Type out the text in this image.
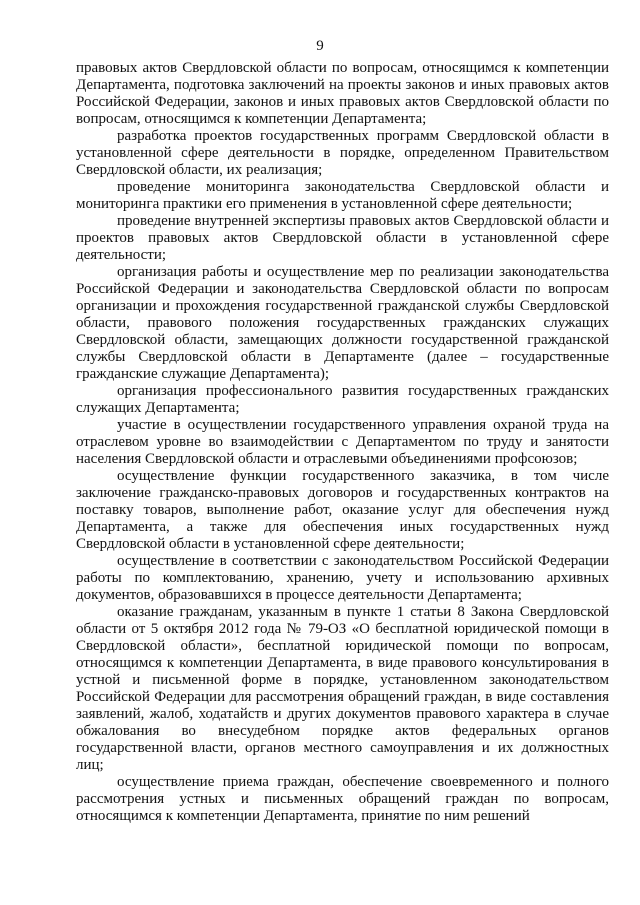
9

правовых актов Свердловской области по вопросам, относящимся к компетенции Департамента, подготовка заключений на проекты законов и иных правовых актов Российской Федерации, законов и иных правовых актов Свердловской области по вопросам, относящимся к компетенции Департамента;

разработка проектов государственных программ Свердловской области в установленной сфере деятельности в порядке, определенном Правительством Свердловской области, их реализация;

проведение мониторинга законодательства Свердловской области и мониторинга практики его применения в установленной сфере деятельности;

проведение внутренней экспертизы правовых актов Свердловской области и проектов правовых актов Свердловской области в установленной сфере деятельности;

организация работы и осуществление мер по реализации законодательства Российской Федерации и законодательства Свердловской области по вопросам организации и прохождения государственной гражданской службы Свердловской области, правового положения государственных гражданских служащих Свердловской области, замещающих должности государственной гражданской службы Свердловской области в Департаменте (далее – государственные гражданские служащие Департамента);

организация профессионального развития государственных гражданских служащих Департамента;

участие в осуществлении государственного управления охраной труда на отраслевом уровне во взаимодействии с Департаментом по труду и занятости населения Свердловской области и отраслевыми объединениями профсоюзов;

осуществление функции государственного заказчика, в том числе заключение гражданско-правовых договоров и государственных контрактов на поставку товаров, выполнение работ, оказание услуг для обеспечения нужд Департамента, а также для обеспечения иных государственных нужд Свердловской области в установленной сфере деятельности;

осуществление в соответствии с законодательством Российской Федерации работы по комплектованию, хранению, учету и использованию архивных документов, образовавшихся в процессе деятельности Департамента;

оказание гражданам, указанным в пункте 1 статьи 8 Закона Свердловской области от 5 октября 2012 года № 79-ОЗ «О бесплатной юридической помощи в Свердловской области», бесплатной юридической помощи по вопросам, относящимся к компетенции Департамента, в виде правового консультирования в устной и письменной форме в порядке, установленном законодательством Российской Федерации для рассмотрения обращений граждан, в виде составления заявлений, жалоб, ходатайств и других документов правового характера в случае обжалования во внесудебном порядке актов федеральных органов государственной власти, органов местного самоуправления и их должностных лиц;

осуществление приема граждан, обеспечение своевременного и полного рассмотрения устных и письменных обращений граждан по вопросам, относящимся к компетенции Департамента, принятие по ним решений
